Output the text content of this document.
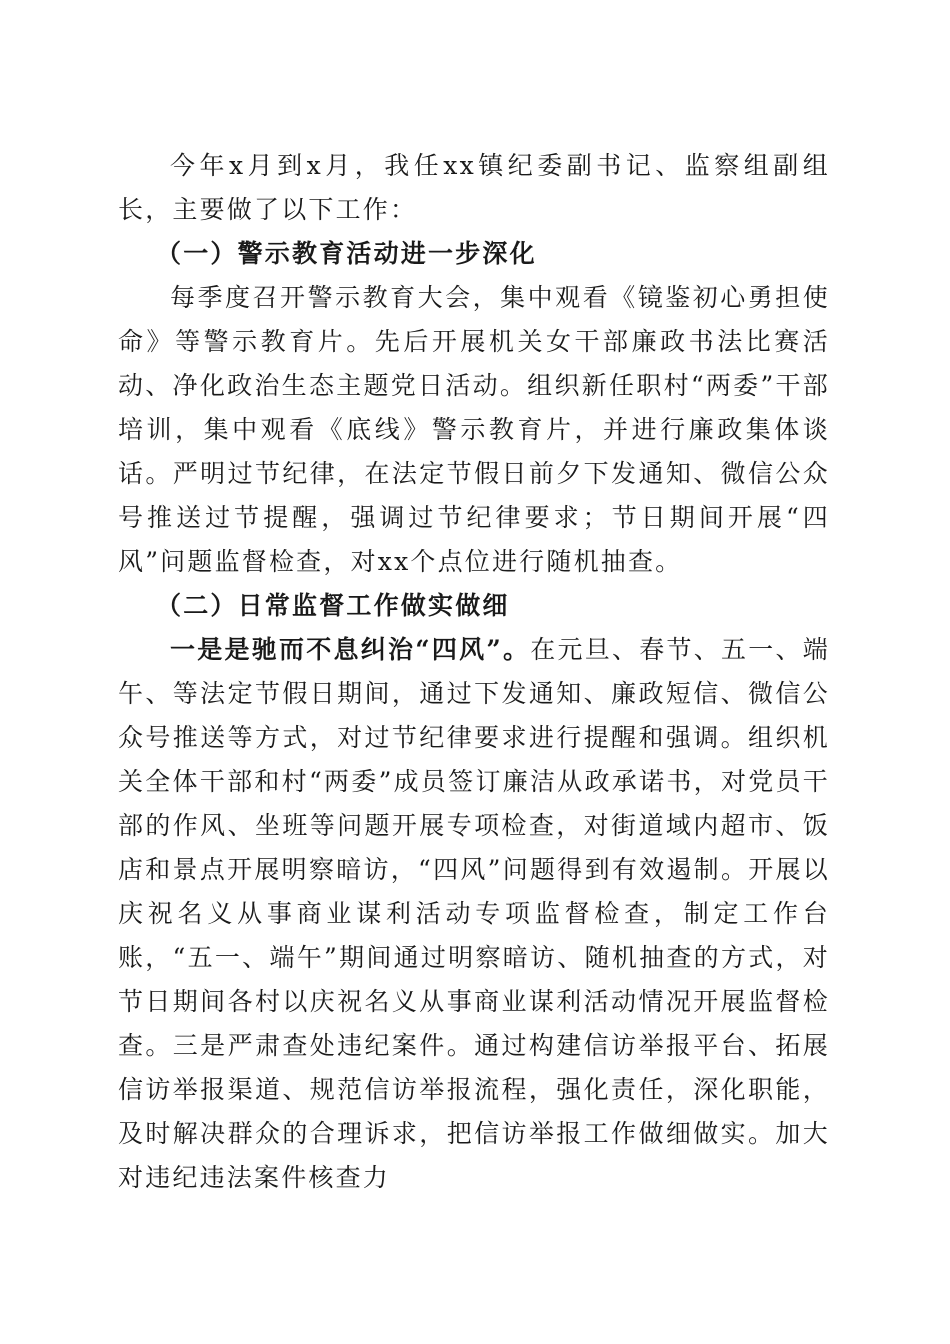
今年x月到x月，我任xx镇纪委副书记、监察组副组长，主要做了以下工作：

（一）警示教育活动进一步深化

每季度召开警示教育大会，集中观看《镜鉴初心勇担使命》等警示教育片。先后开展机关女干部廉政书法比赛活动、净化政治生态主题党日活动。组织新任职村“两委”干部培训，集中观看《底线》警示教育片，并进行廉政集体谈话。严明过节纪律，在法定节假日前夕下发通知、微信公众号推送过节提醒，强调过节纪律要求；节日期间开展“四风”问题监督检查，对xx个点位进行随机抽查。

（二）日常监督工作做实做细

一是是驰而不息纠治“四风”。在元旦、春节、五一、端午、等法定节假日期间，通过下发通知、廉政短信、微信公众号推送等方式，对过节纪律要求进行提醒和强调。组织机关全体干部和村“两委”成员签订廉洁从政承诺书，对党员干部的作风、坐班等问题开展专项检查，对街道域内超市、饭店和景点开展明察暗访，“四风”问题得到有效遏制。开展以庆祝名义从事商业谋利活动专项监督检查，制定工作台账，“五一、端午”期间通过明察暗访、随机抽查的方式，对节日期间各村以庆祝名义从事商业谋利活动情况开展监督检查。三是严肃查处违纪案件。通过构建信访举报平台、拓展信访举报渠道、规范信访举报流程，强化责任，深化职能，及时解决群众的合理诉求，把信访举报工作做细做实。加大对违纪违法案件核查力
